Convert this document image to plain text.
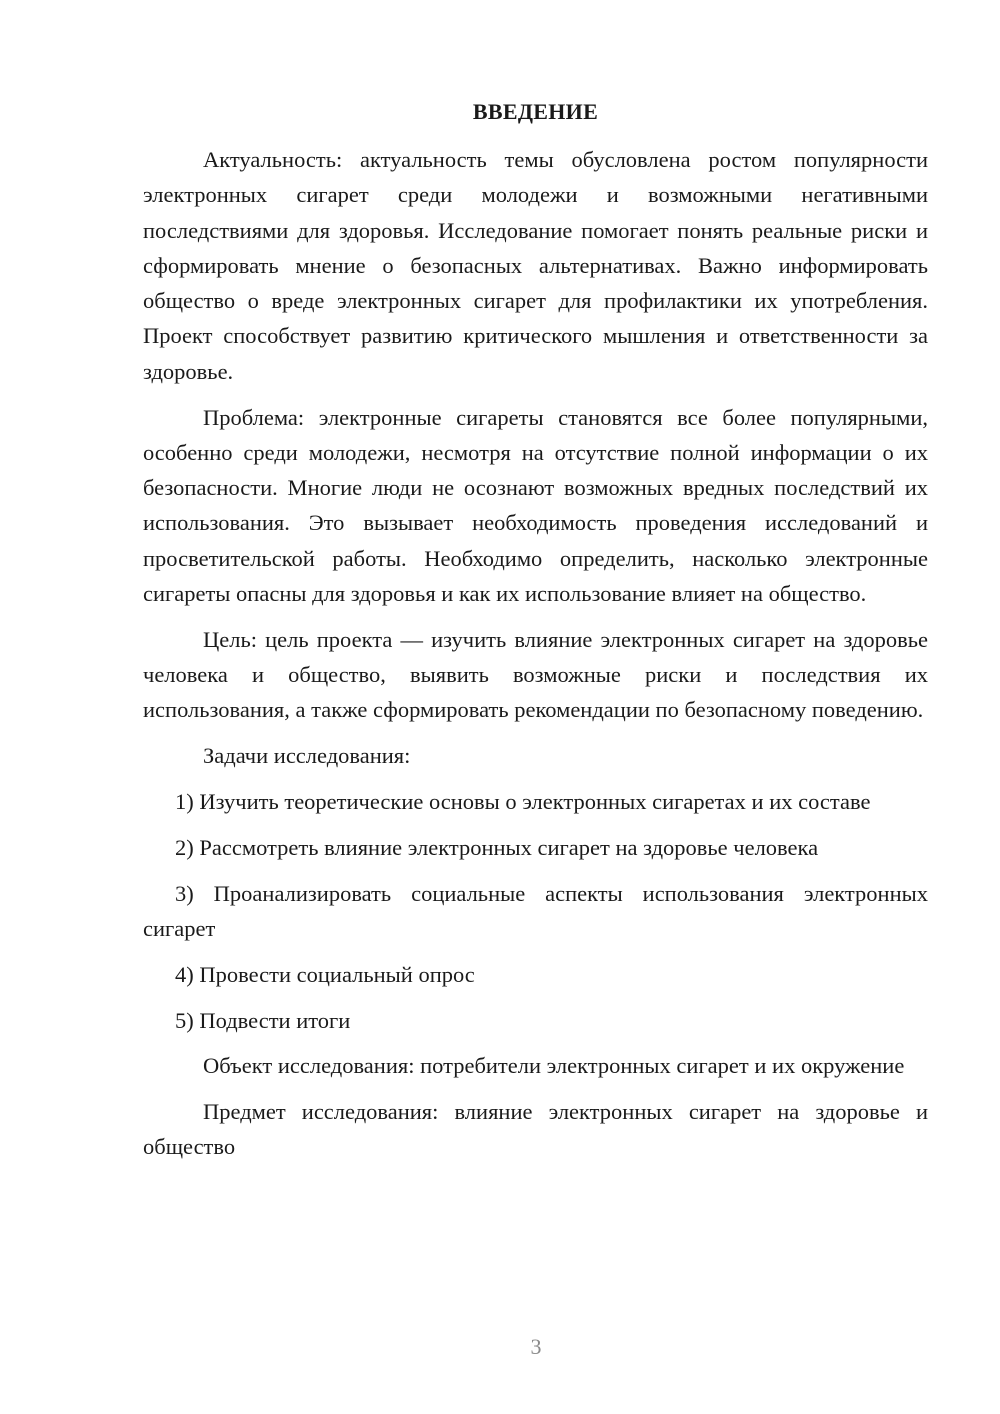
ВВЕДЕНИЕ

Актуальность: актуальность темы обусловлена ростом популярности электронных сигарет среди молодежи и возможными негативными последствиями для здоровья. Исследование помогает понять реальные риски и сформировать мнение о безопасных альтернативах. Важно информировать общество о вреде электронных сигарет для профилактики их употребления. Проект способствует развитию критического мышления и ответственности за здоровье.

Проблема: электронные сигареты становятся все более популярными, особенно среди молодежи, несмотря на отсутствие полной информации о их безопасности. Многие люди не осознают возможных вредных последствий их использования. Это вызывает необходимость проведения исследований и просветительской работы. Необходимо определить, насколько электронные сигареты опасны для здоровья и как их использование влияет на общество.

Цель: цель проекта — изучить влияние электронных сигарет на здоровье человека и общество, выявить возможные риски и последствия их использования, а также сформировать рекомендации по безопасному поведению.

Задачи исследования:

1) Изучить теоретические основы о электронных сигаретах и их составе

2) Рассмотреть влияние электронных сигарет на здоровье человека

3) Проанализировать социальные аспекты использования электронных сигарет

4) Провести социальный опрос

5) Подвести итоги

Объект исследования: потребители электронных сигарет и их окружение

Предмет исследования: влияние электронных сигарет на здоровье и общество

3
